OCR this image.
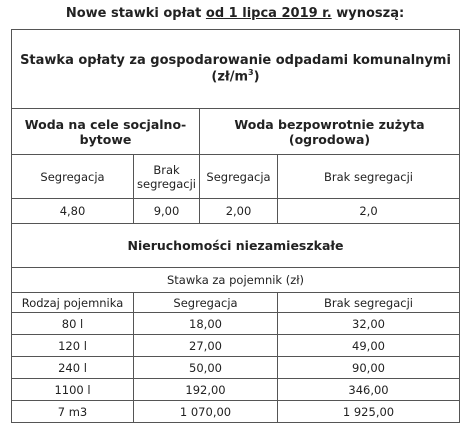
Nowe stawki opłat od 1 lipca 2019 r. wynoszą:
Stawka opłaty za gospodarowanie odpadami komunalnymi $(zł/m^3)$			
Woda na cele socjalno-bytowe		Woda bezpowrotnie zużyta (ogrodowa)	
Segregacja	Brak segregacji	Segregacja	Brak segregacji
4,80	9,00	2,00	2,0
Nieruchomości niezamieszkałe			
Stawka za pojemnik (zł)			
Rodzaj pojemnika	Segregacja		Brak segregacji
80 l	18,00		32,00
120 l	27,00		49,00
240 l	50,00		90,00
1100 l	192,00		346,00
7 m3	1 070,00		1 925,00
